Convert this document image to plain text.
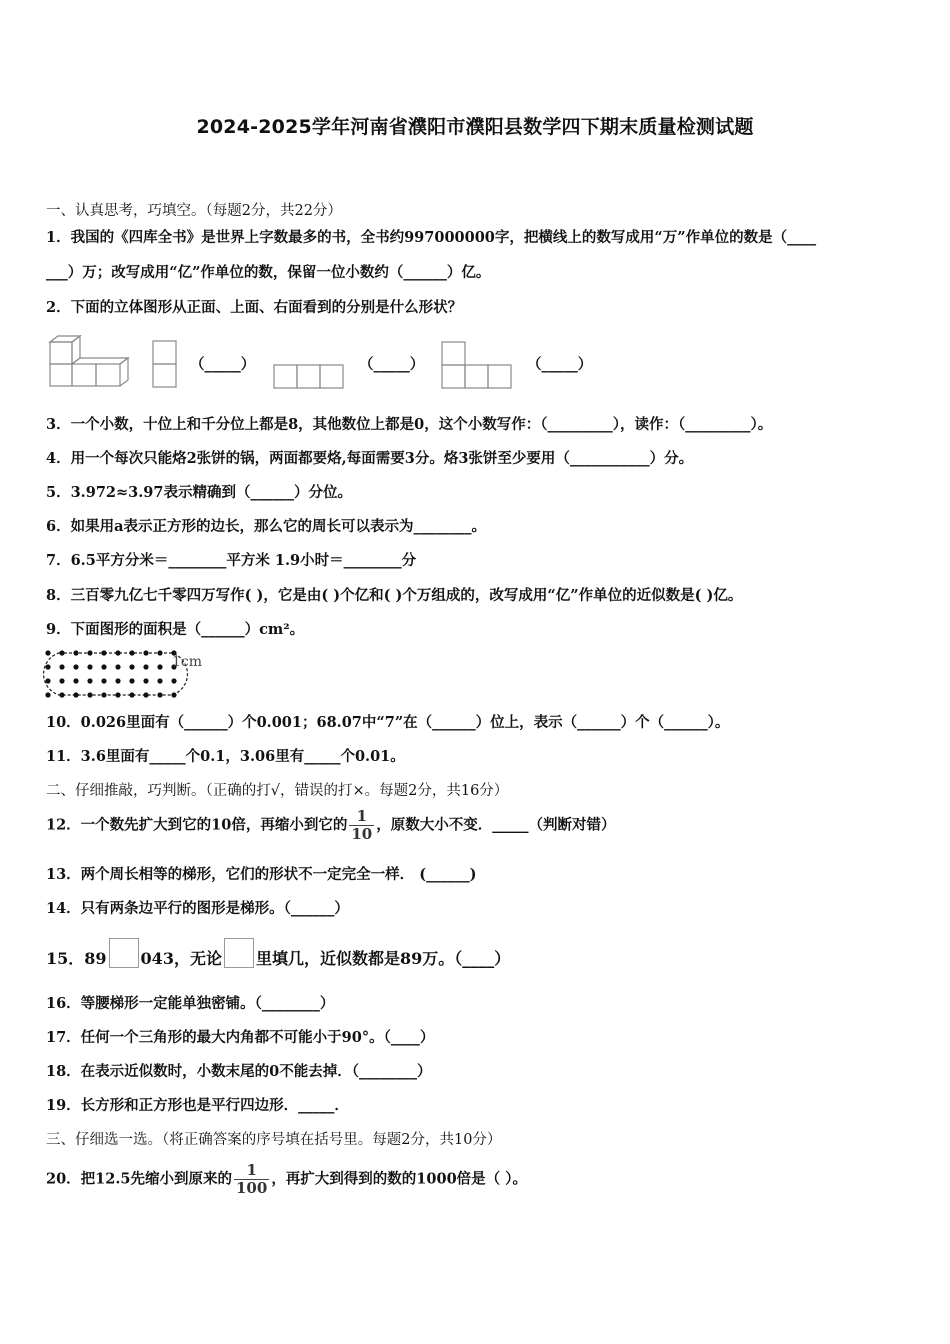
2024-2025学年河南省濮阳市濮阳县数学四下期末质量检测试题
一、认真思考，巧填空。（每题2分，共22分）
1．我国的《四库全书》是世界上字数最多的书，全书约997000000字，把横线上的数写成用“万”作单位的数是（____
___）万；改写成用“亿”作单位的数，保留一位小数约（______）亿。
2．下面的立体图形从正面、上面、右面看到的分别是什么形状？
（_____）	（_____）	（_____）
3．一个小数，十位上和千分位上都是8，其他数位上都是0，这个小数写作：（_________），读作：（_________）。
4．用一个每次只能烙2张饼的锅，两面都要烙,每面需要3分。烙3张饼至少要用（___________）分。
5．3.972≈3.97表示精确到（______）分位。
6．如果用a表示正方形的边长，那么它的周长可以表示为________。
7．6.5平方分米＝________平方米 1.9小时＝________分
8．三百零九亿七千零四万写作( )，它是由( )个亿和( )个万组成的，改写成用“亿”作单位的近似数是( )亿。
9．下面图形的面积是（______）cm²。
1cm
10．0.026里面有（______）个0.001；68.07中“7”在（______）位上，表示（______）个（______）。
11．3.6里面有_____个0.1，3.06里有_____个0.01。
二、仔细推敲，巧判断。（正确的打√，错误的打×。每题2分，共16分）
12．一个数先扩大到它的10倍，再缩小到它的 $\frac{1}{10}$ ，原数大小不变．_____（判断对错）
13．两个周长相等的梯形，它们的形状不一定完全一样． (______)
14．只有两条边平行的图形是梯形。（______）
15．89 043，无论 里填几，近似数都是89万。（____）
16．等腰梯形一定能单独密铺。（________）
17．任何一个三角形的最大内角都不可能小于90°。（____）
18．在表示近似数时，小数末尾的0不能去掉．（________）
19．长方形和正方形也是平行四边形．_____．
三、仔细选一选。（将正确答案的序号填在括号里。每题2分，共10分）
20．把12.5先缩小到原来的 $\frac{1}{100}$ ，再扩大到得到的数的1000倍是（ ）。
